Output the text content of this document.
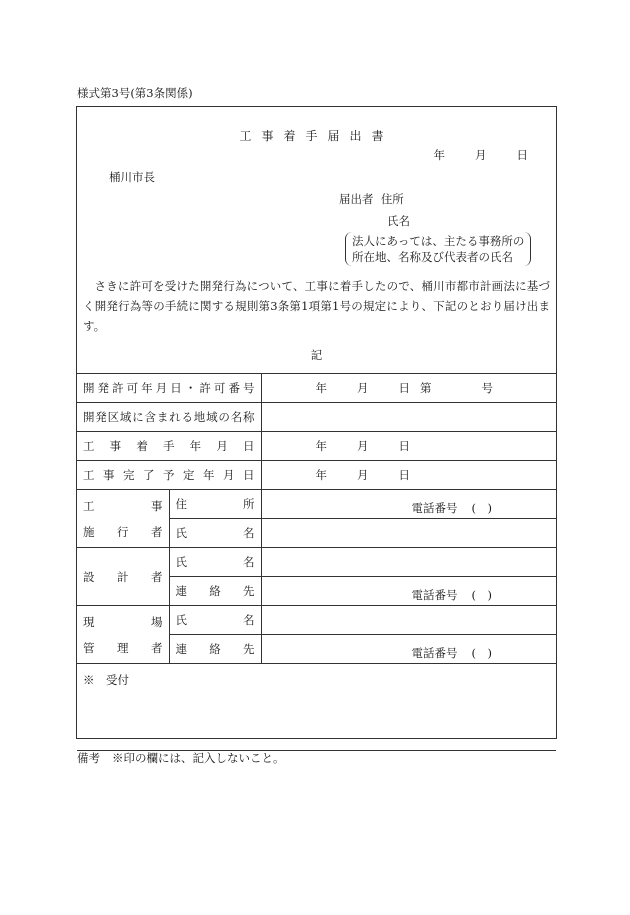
様式第3号(第3条関係)
工事着手届出書
年	月	日
桶川市長
届出者 住所
氏名
法人にあっては、主たる事務所の
所在地、名称及び代表者の氏名
さきに許可を受けた開発行為について、工事に着手したので、桶川市都市計画法に基づく開発行為等の手続に関する規則第3条第1項第1号の規定により、下記のとおり届け出ます。
記
開発許可年月日・許可番号		年 月 日 第 号
開発区域に含まれる地域の名称		
工事着手年月日		年 月 日
工事完了予定年月日		年 月 日

工 事
施 行 者	住所	電話番号 (　)

	氏名	

設 計 者	氏名	
	連絡先	電話番号 (　)

現 場
管 理 者	氏名	
	連絡先	電話番号 (　)

※　受付		
備考 ※印の欄には、記入しないこと。
